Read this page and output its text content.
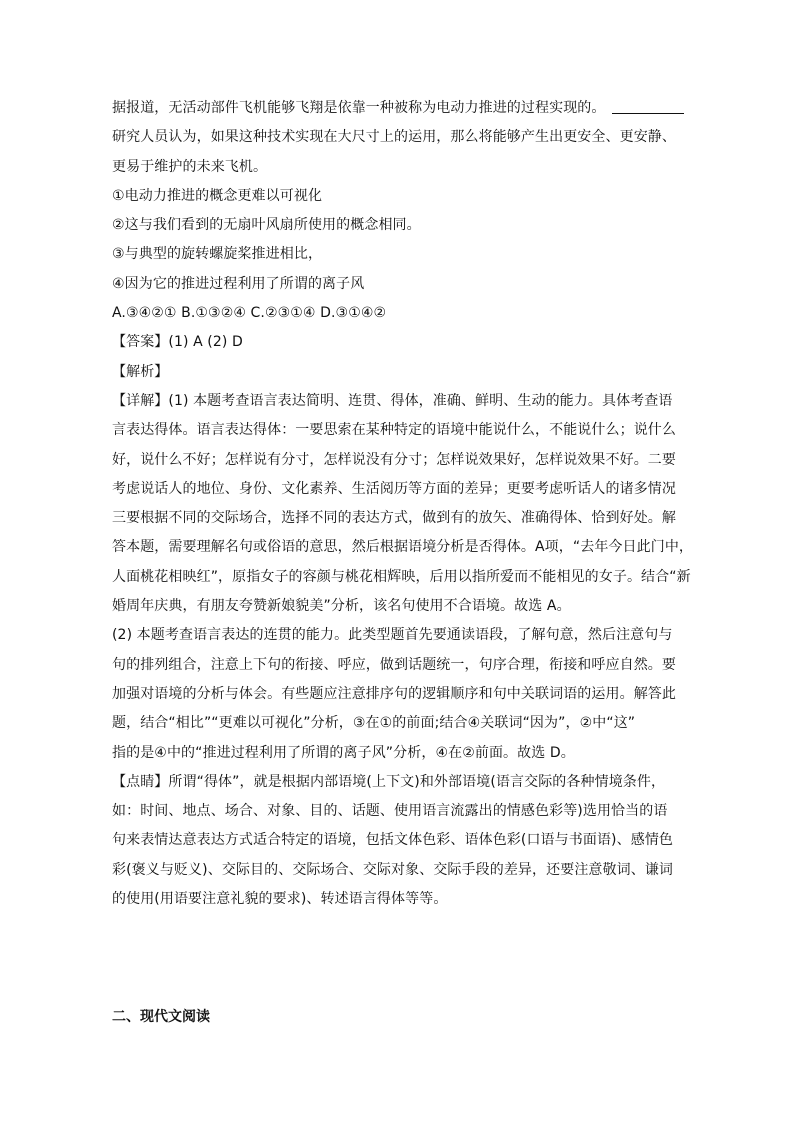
据报道，无活动部件飞机能够飞翔是依靠一种被称为电动力推进的过程实现的。
研究人员认为，如果这种技术实现在大尺寸上的运用，那么将能够产生出更安全、更安静、
更易于维护的未来飞机。
①电动力推进的概念更难以可视化
②这与我们看到的无扇叶风扇所使用的概念相同。
③与典型的旋转螺旋桨推进相比，
④因为它的推进过程利用了所谓的离子风
A.③④②① B.①③②④ C.②③①④ D.③①④②
【答案】(1) A (2) D
【解析】
【详解】(1) 本题考查语言表达简明、连贯、得体，准确、鲜明、生动的能力。具体考查语
言表达得体。语言表达得体：一要思索在某种特定的语境中能说什么，不能说什么；说什么
好，说什么不好；怎样说有分寸，怎样说没有分寸；怎样说效果好，怎样说效果不好。二要
考虑说话人的地位、身份、文化素养、生活阅历等方面的差异；更要考虑听话人的诸多情况
三要根据不同的交际场合，选择不同的表达方式，做到有的放矢、准确得体、恰到好处。解
答本题，需要理解名句或俗语的意思，然后根据语境分析是否得体。A项，“去年今日此门中，
人面桃花相映红”，原指女子的容颜与桃花相辉映，后用以指所爱而不能相见的女子。结合“新
婚周年庆典，有朋友夸赞新娘貌美”分析，该名句使用不合语境。故选 A。
(2) 本题考查语言表达的连贯的能力。此类型题首先要通读语段，了解句意，然后注意句与
句的排列组合，注意上下句的衔接、呼应，做到话题统一，句序合理，衔接和呼应自然。要
加强对语境的分析与体会。有些题应注意排序句的逻辑顺序和句中关联词语的运用。解答此
题，结合“相比”“更难以可视化”分析，③在①的前面;结合④关联词“因为”，②中“这”
指的是④中的“推进过程利用了所谓的离子风”分析，④在②前面。故选 D。
【点睛】所谓“得体”，就是根据内部语境(上下文)和外部语境(语言交际的各种情境条件，
如：时间、地点、场合、对象、目的、话题、使用语言流露出的情感色彩等)选用恰当的语
句来表情达意表达方式适合特定的语境，包括文体色彩、语体色彩(口语与书面语)、感情色
彩(褒义与贬义)、交际目的、交际场合、交际对象、交际手段的差异，还要注意敬词、谦词
的使用(用语要注意礼貌的要求)、转述语言得体等等。
二、现代文阅读
